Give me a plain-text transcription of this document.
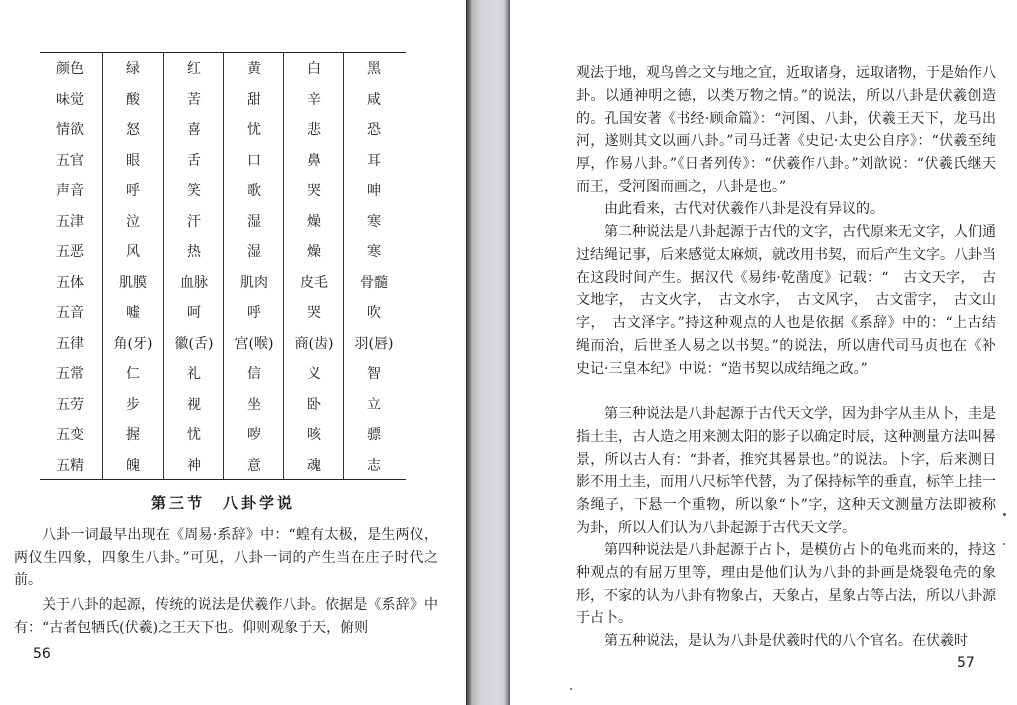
颜色	绿	红	黄	白	黑
味觉	酸	苦	甜	辛	咸
情欲	怒	喜	忧	悲	恐
五官	眼	舌	口	鼻	耳
声音	呼	笑	歌	哭	呻
五津	泣	汗	湿	燥	寒
五恶	风	热	湿	燥	寒
五体	肌膜	血脉	肌肉	皮毛	骨髓
五音	嘘	呵	呼	哭	吹
五律	角(牙)	徽(舌)	宫(喉)	商(齿)	羽(唇)
五常	仁	礼	信	义	智
五劳	步	视	坐	卧	立
五变	握	忧	哕	咳	骠
五精	魄	神	意	魂	志
第三节　八卦学说

八卦一词最早出现在《周易·系辞》中：“蝗有太极，是生两仪，两仪生四象，四象生八卦。”可见，八卦一词的产生当在庄子时代之前。

关于八卦的起源，传统的说法是伏羲作八卦。依据是《系辞》中有：“古者包牺氏(伏羲)之王天下也。仰则观象于天，俯则

56

观法于地，观鸟兽之文与地之宜，近取诸身，远取诸物，于是始作八卦。以通神明之德，以类万物之情。”的说法，所以八卦是伏羲创造的。孔国安著《书经·顾命篇》：“河图、八卦，伏羲王天下，龙马出河，遂则其文以画八卦。”司马迁著《史记·太史公自序》：“伏羲至纯厚，作易八卦。”《日者列传》：“伏羲作八卦。”刘歆说：“伏羲氏继天而王，受河图而画之，八卦是也。”

由此看来，古代对伏羲作八卦是没有异议的。

第二种说法是八卦起源于古代的文字，古代原来无文字，人们通过结绳记事，后来感觉太麻烦，就改用书契，而后产生文字。八卦当在这段时间产生。据汉代《易纬·乾凿度》记载：“　古文天字，　古文地字，　古文火字，　古文水字，　古文风字，　古文雷字，　古文山字，　古文泽字。”持这种观点的人也是依据《系辞》中的：“上古结绳而治，后世圣人易之以书契。”的说法，所以唐代司马贞也在《补史记·三皇本纪》中说：“造书契以成结绳之政。”

第三种说法是八卦起源于古代天文学，因为卦字从圭从卜，圭是指土圭，古人造之用来测太阳的影子以确定时辰，这种测量方法叫晷景，所以古人有：“卦者，推究其晷景也。”的说法。卜字，后来测日影不用土圭，而用八尺标竿代替，为了保持标竿的垂直，标竿上挂一条绳子，下悬一个重物，所以象“卜”字，这种天文测量方法即被称为卦，所以人们认为八卦起源于古代天文学。

第四种说法是八卦起源于占卜，是模仿占卜的龟兆而来的，持这种观点的有屈万里等，理由是他们认为八卦的卦画是烧裂龟壳的象形，不家的认为八卦有物象占，天象占，星象占等占法，所以八卦源于占卜。

第五种说法，是认为八卦是伏羲时代的八个官名。在伏羲时

57
